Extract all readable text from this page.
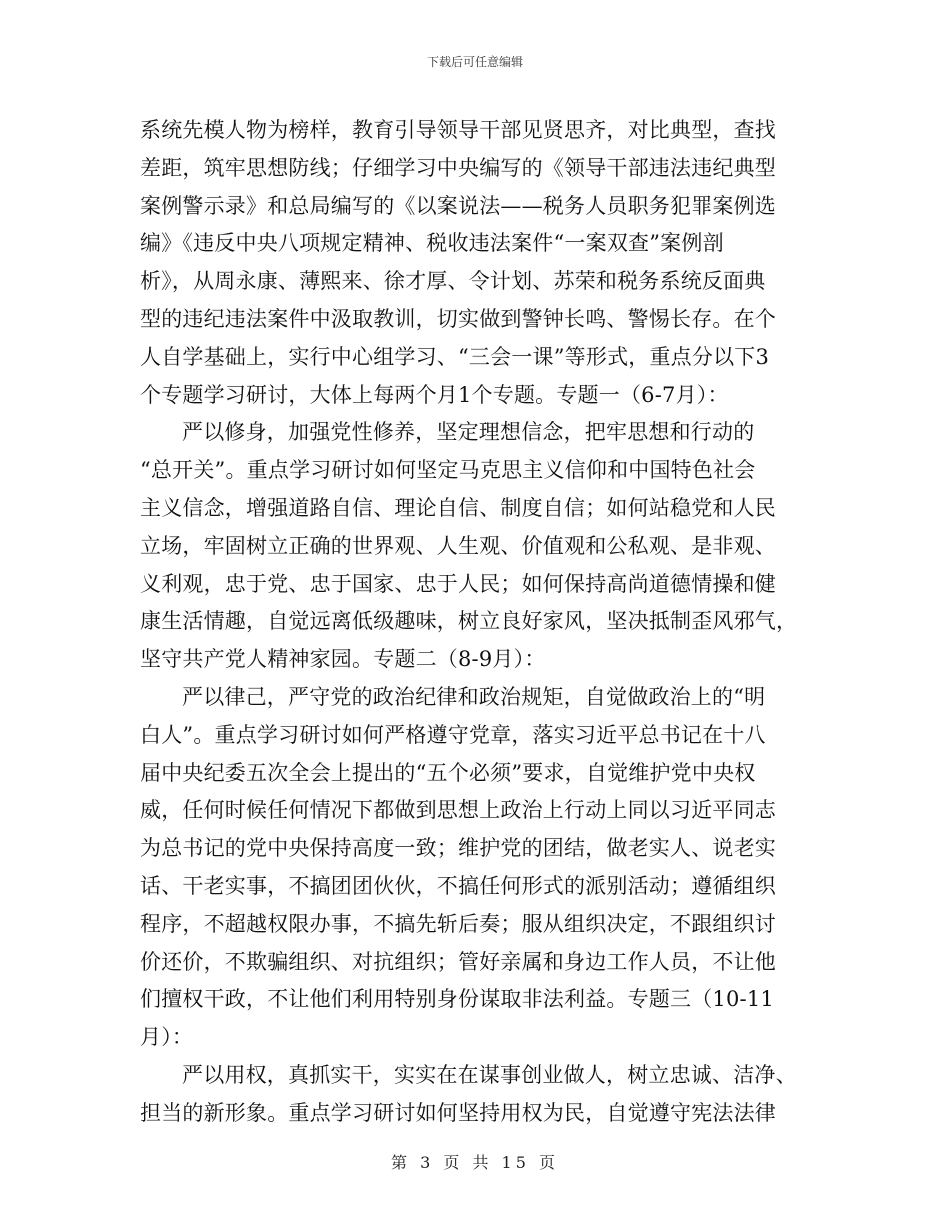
下载后可任意编辑
系统先模人物为榜样，教育引导领导干部见贤思齐，对比典型，查找
差距，筑牢思想防线；仔细学习中央编写的《领导干部违法违纪典型
案例警示录》和总局编写的《以案说法——税务人员职务犯罪案例选
编》《违反中央八项规定精神、税收违法案件“一案双查”案例剖
析》，从周永康、薄熙来、徐才厚、令计划、苏荣和税务系统反面典
型的违纪违法案件中汲取教训，切实做到警钟长鸣、警惕长存。在个
人自学基础上，实行中心组学习、“三会一课”等形式，重点分以下3
个专题学习研讨，大体上每两个月1个专题。专题一（6-7月）：
严以修身，加强党性修养，坚定理想信念，把牢思想和行动的
“总开关”。重点学习研讨如何坚定马克思主义信仰和中国特色社会
主义信念，增强道路自信、理论自信、制度自信；如何站稳党和人民
立场，牢固树立正确的世界观、人生观、价值观和公私观、是非观、
义利观，忠于党、忠于国家、忠于人民；如何保持高尚道德情操和健
康生活情趣，自觉远离低级趣味，树立良好家风，坚决抵制歪风邪气，
坚守共产党人精神家园。专题二（8-9月）：
严以律己，严守党的政治纪律和政治规矩，自觉做政治上的“明
白人”。重点学习研讨如何严格遵守党章，落实习近平总书记在十八
届中央纪委五次全会上提出的“五个必须”要求，自觉维护党中央权
威，任何时候任何情况下都做到思想上政治上行动上同以习近平同志
为总书记的党中央保持高度一致；维护党的团结，做老实人、说老实
话、干老实事，不搞团团伙伙，不搞任何形式的派别活动；遵循组织
程序，不超越权限办事，不搞先斩后奏；服从组织决定，不跟组织讨
价还价，不欺骗组织、对抗组织；管好亲属和身边工作人员，不让他
们擅权干政，不让他们利用特别身份谋取非法利益。专题三（10-11
月）：
严以用权，真抓实干，实实在在谋事创业做人，树立忠诚、洁净、
担当的新形象。重点学习研讨如何坚持用权为民，自觉遵守宪法法律
第 3 页 共 15 页
